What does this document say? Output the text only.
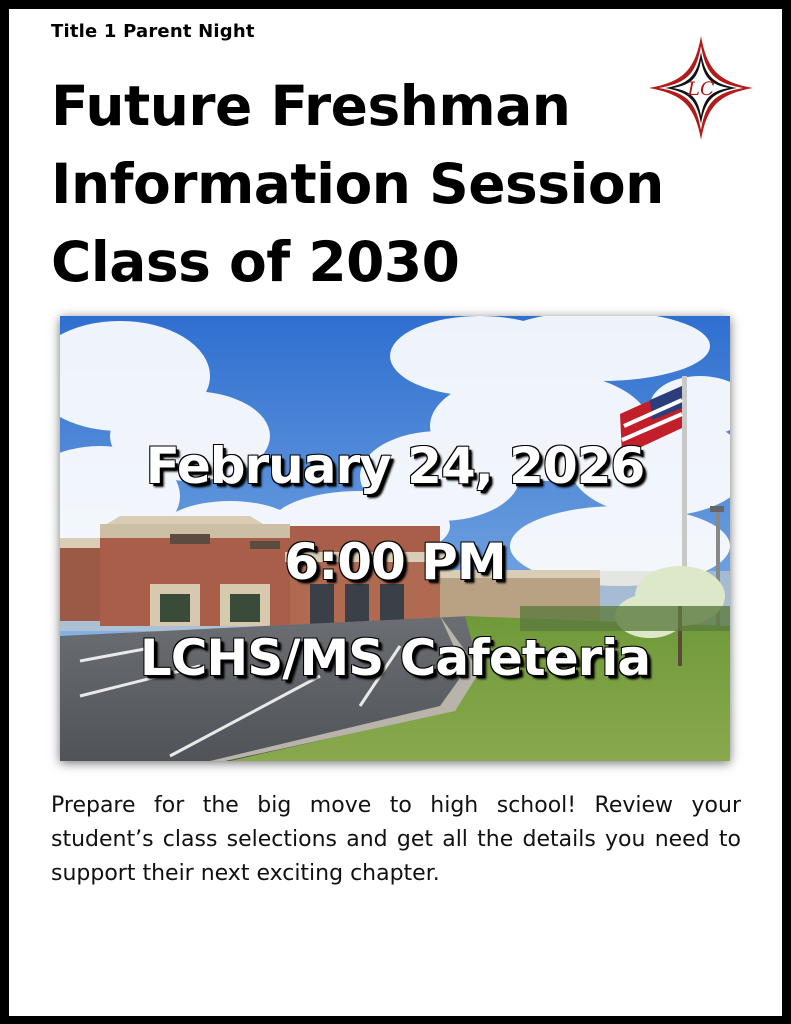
Title 1 Parent Night
Future Freshman
Information Session
Class of 2030
LC
February 24, 2026
6:00 PM
LCHS/MS Cafeteria

Prepare for the big move to high school! Review your student’s class selections and get all the details you need to support their next exciting chapter.
